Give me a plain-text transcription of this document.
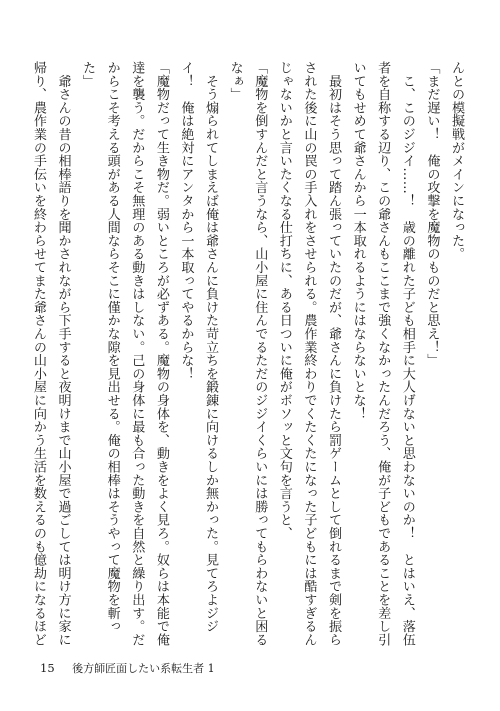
んとの模擬戦がメインになった。

「まだ遅い！　俺の攻撃を魔物のものだと思え！」

　こ、このジジイ……！　歳の離れた子ども相手に大人げないと思わないのか！　とはいえ、落伍

者を自称する辺り、この爺さんもここまで強くなかったんだろう、俺が子どもであることを差し引

いてもせめて爺さんから一本取れるようにはならないとな！

　最初はそう思って踏ん張っていたのだが、爺さんに負けたら罰ゲームとして倒れるまで剣を振ら

された後に山の罠の手入れをさせられる。農作業終わりでくたくたになった子どもには酷すぎるん

じゃないかと言いたくなる仕打ちに、ある日ついに俺がボソッと文句を言うと、

「魔物を倒すんだと言うなら、山小屋に住んでるただのジジイくらいには勝ってもらわないと困る

なぁ」

　そう煽られてしまえば俺は爺さんに負けた苛立ちを鍛錬に向けるしか無かった。見てろよジジ

イ！　俺は絶対にアンタから一本取ってやるからな！

「魔物だって生き物だ。弱いところが必ずある。魔物の身体を、動きをよく見ろ。奴らは本能で俺

達を襲う。だからこそ無理のある動きはしない。己の身体に最も合った動きを自然と繰り出す。だ

からこそ考える頭がある人間ならそこに僅かな隙を見出せる。俺の相棒はそうやって魔物を斬っ

た」

　爺さんの昔の相棒語りを聞かされながら下手すると夜明けまで山小屋で過ごしては明け方に家に

帰り、農作業の手伝いを終わらせてまた爺さんの山小屋に向かう生活を数えるのも億劫になるほど

15 後方師匠面したい系転生者 1
